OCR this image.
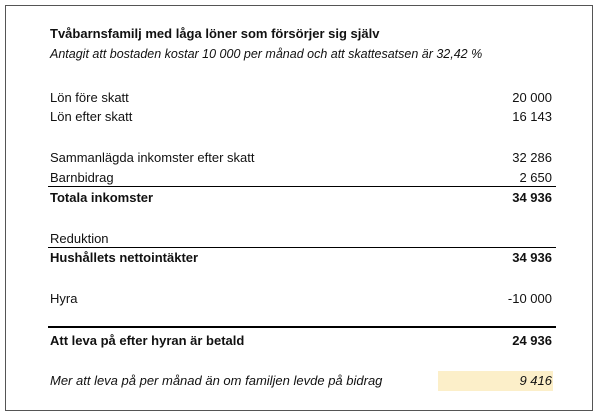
Tvåbarnsfamilj med låga löner som försörjer sig själv
Antagit att bostaden kostar 10 000 per månad och att skattesatsen är 32,42 %
Lön före skatt	20 000
Lön efter skatt	16 143
Sammanlägda inkomster efter skatt	32 286
Barnbidrag	2 650
Totala inkomster	34 936
Reduktion
Hushållets nettointäkter	34 936
Hyra	-10 000
Att leva på efter hyran är betald	24 936
Mer att leva på per månad än om familjen levde på bidrag	9 416
